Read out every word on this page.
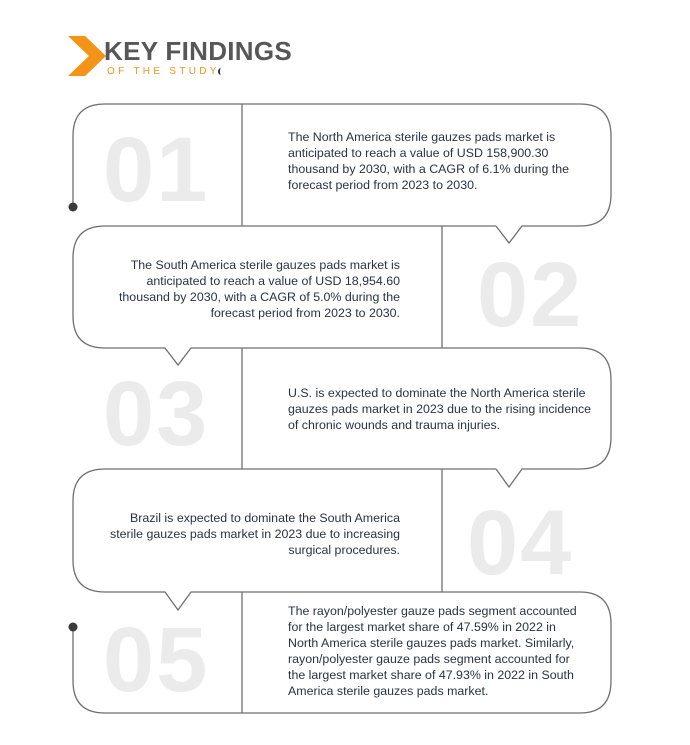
KEY FINDINGS
OF THE STUDY
01	The North America sterile gauzes pads market is anticipated to reach a value of USD 158,900.30 thousand by 2030, with a CAGR of 6.1% during the forecast period from 2023 to 2030.
02
The South America sterile gauzes pads market is anticipated to reach a value of USD 18,954.60 thousand by 2030, with a CAGR of 5.0% during the forecast period from 2023 to 2030.
03	U.S. is expected to dominate the North America sterile gauzes pads market in 2023 due to the rising incidence of chronic wounds and trauma injuries.
04
Brazil is expected to dominate the South America sterile gauzes pads market in 2023 due to increasing surgical procedures.
05	The rayon/polyester gauze pads segment accounted for the largest market share of 47.59% in 2022 in North America sterile gauzes pads market. Similarly, rayon/polyester gauze pads segment accounted for the largest market share of 47.93% in 2022 in South America sterile gauzes pads market.
